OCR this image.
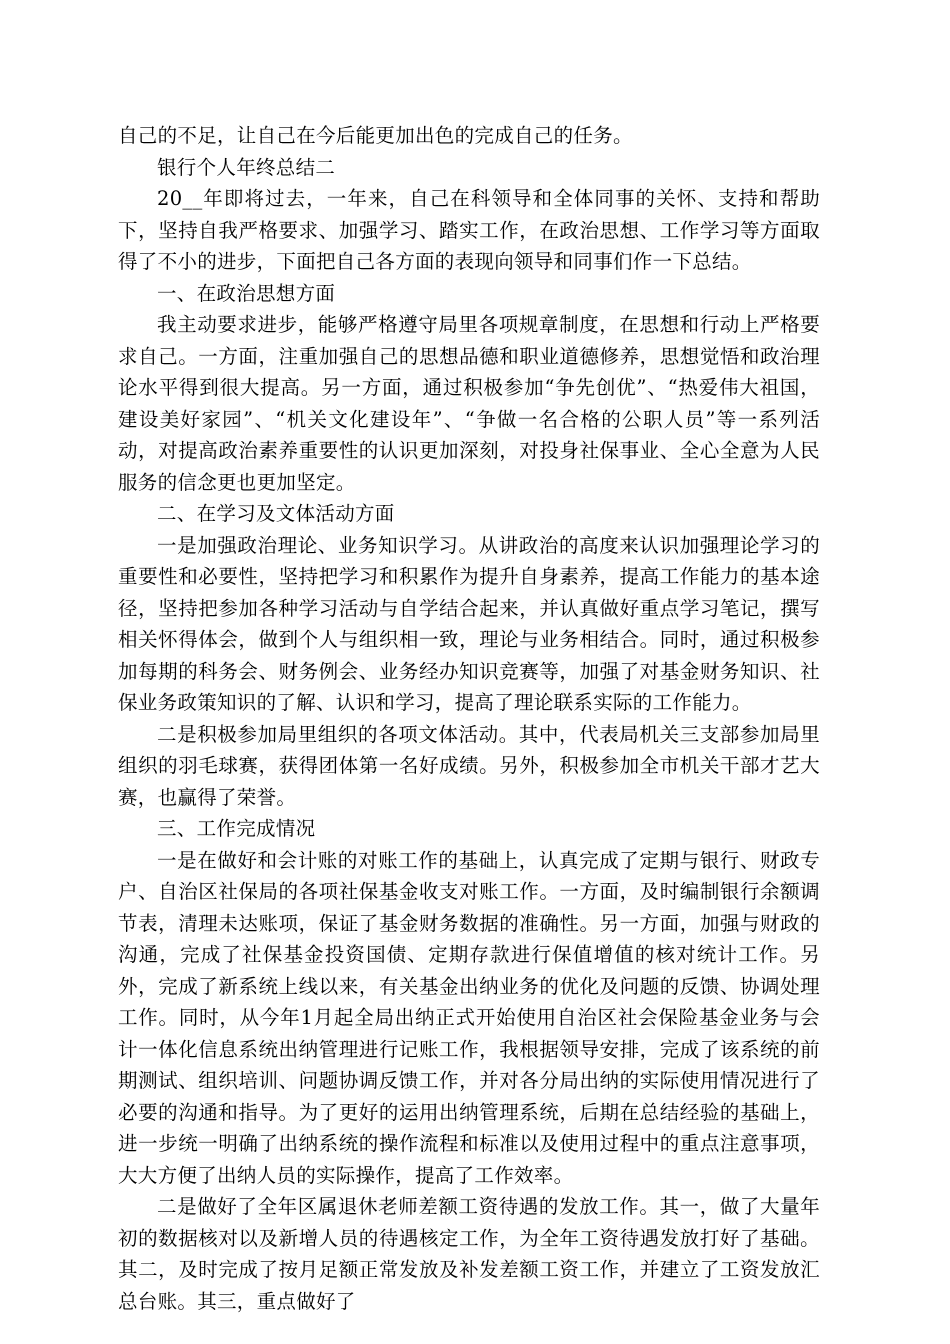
自己的不足，让自己在今后能更加出色的完成自己的任务。

银行个人年终总结二

20__年即将过去，一年来，自己在科领导和全体同事的关怀、支持和帮助下，坚持自我严格要求、加强学习、踏实工作，在政治思想、工作学习等方面取得了不小的进步，下面把自己各方面的表现向领导和同事们作一下总结。

一、在政治思想方面

我主动要求进步，能够严格遵守局里各项规章制度，在思想和行动上严格要求自己。一方面，注重加强自己的思想品德和职业道德修养，思想觉悟和政治理论水平得到很大提高。另一方面，通过积极参加“争先创优”、“热爱伟大祖国，建设美好家园”、“机关文化建设年”、“争做一名合格的公职人员”等一系列活动，对提高政治素养重要性的认识更加深刻，对投身社保事业、全心全意为人民服务的信念更也更加坚定。

二、在学习及文体活动方面

一是加强政治理论、业务知识学习。从讲政治的高度来认识加强理论学习的重要性和必要性，坚持把学习和积累作为提升自身素养，提高工作能力的基本途径，坚持把参加各种学习活动与自学结合起来，并认真做好重点学习笔记，撰写相关怀得体会，做到个人与组织相一致，理论与业务相结合。同时，通过积极参加每期的科务会、财务例会、业务经办知识竞赛等，加强了对基金财务知识、社保业务政策知识的了解、认识和学习，提高了理论联系实际的工作能力。

二是积极参加局里组织的各项文体活动。其中，代表局机关三支部参加局里组织的羽毛球赛，获得团体第一名好成绩。另外，积极参加全市机关干部才艺大赛，也赢得了荣誉。

三、工作完成情况

一是在做好和会计账的对账工作的基础上，认真完成了定期与银行、财政专户、自治区社保局的各项社保基金收支对账工作。一方面，及时编制银行余额调节表，清理未达账项，保证了基金财务数据的准确性。另一方面，加强与财政的沟通，完成了社保基金投资国债、定期存款进行保值增值的核对统计工作。另外，完成了新系统上线以来，有关基金出纳业务的优化及问题的反馈、协调处理工作。同时，从今年1月起全局出纳正式开始使用自治区社会保险基金业务与会计一体化信息系统出纳管理进行记账工作，我根据领导安排，完成了该系统的前期测试、组织培训、问题协调反馈工作，并对各分局出纳的实际使用情况进行了必要的沟通和指导。为了更好的运用出纳管理系统，后期在总结经验的基础上，进一步统一明确了出纳系统的操作流程和标准以及使用过程中的重点注意事项，大大方便了出纳人员的实际操作，提高了工作效率。

二是做好了全年区属退休老师差额工资待遇的发放工作。其一，做了大量年初的数据核对以及新增人员的待遇核定工作，为全年工资待遇发放打好了基础。其二，及时完成了按月足额正常发放及补发差额工资工作，并建立了工资发放汇总台账。其三，重点做好了
